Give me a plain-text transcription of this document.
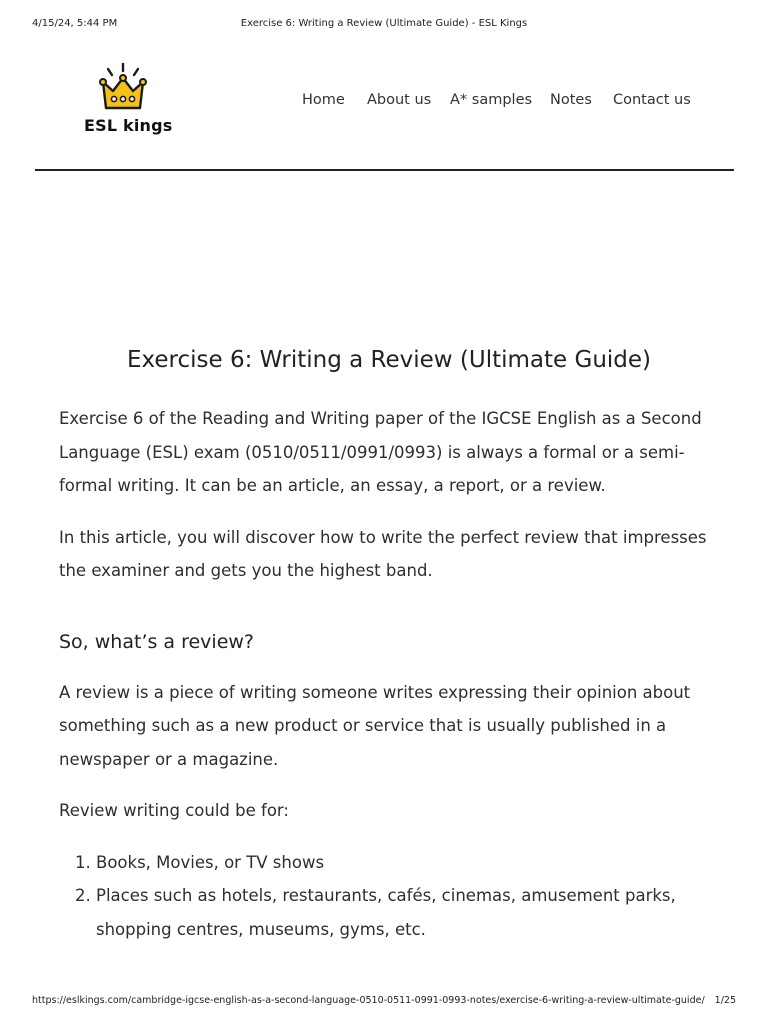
4/15/24, 5:44 PM	Exercise 6: Writing a Review (Ultimate Guide) - ESL Kings
ESL kings
Home About us A* samples Notes Contact us
Exercise 6: Writing a Review (Ultimate Guide)

Exercise 6 of the Reading and Writing paper of the IGCSE English as a Second Language (ESL) exam (0510/0511/0991/0993) is always a formal or a semi-formal writing. It can be an article, an essay, a report, or a review.

In this article, you will discover how to write the perfect review that impresses the examiner and gets you the highest band.

So, what’s a review?

A review is a piece of writing someone writes expressing their opinion about something such as a new product or service that is usually published in a newspaper or a magazine.

Review writing could be for:

1. Books, Movies, or TV shows
2. Places such as hotels, restaurants, cafés, cinemas, amusement parks, shopping centres, museums, gyms, etc.
https://eslkings.com/cambridge-igcse-english-as-a-second-language-0510-0511-0991-0993-notes/exercise-6-writing-a-review-ultimate-guide/ 1/25
